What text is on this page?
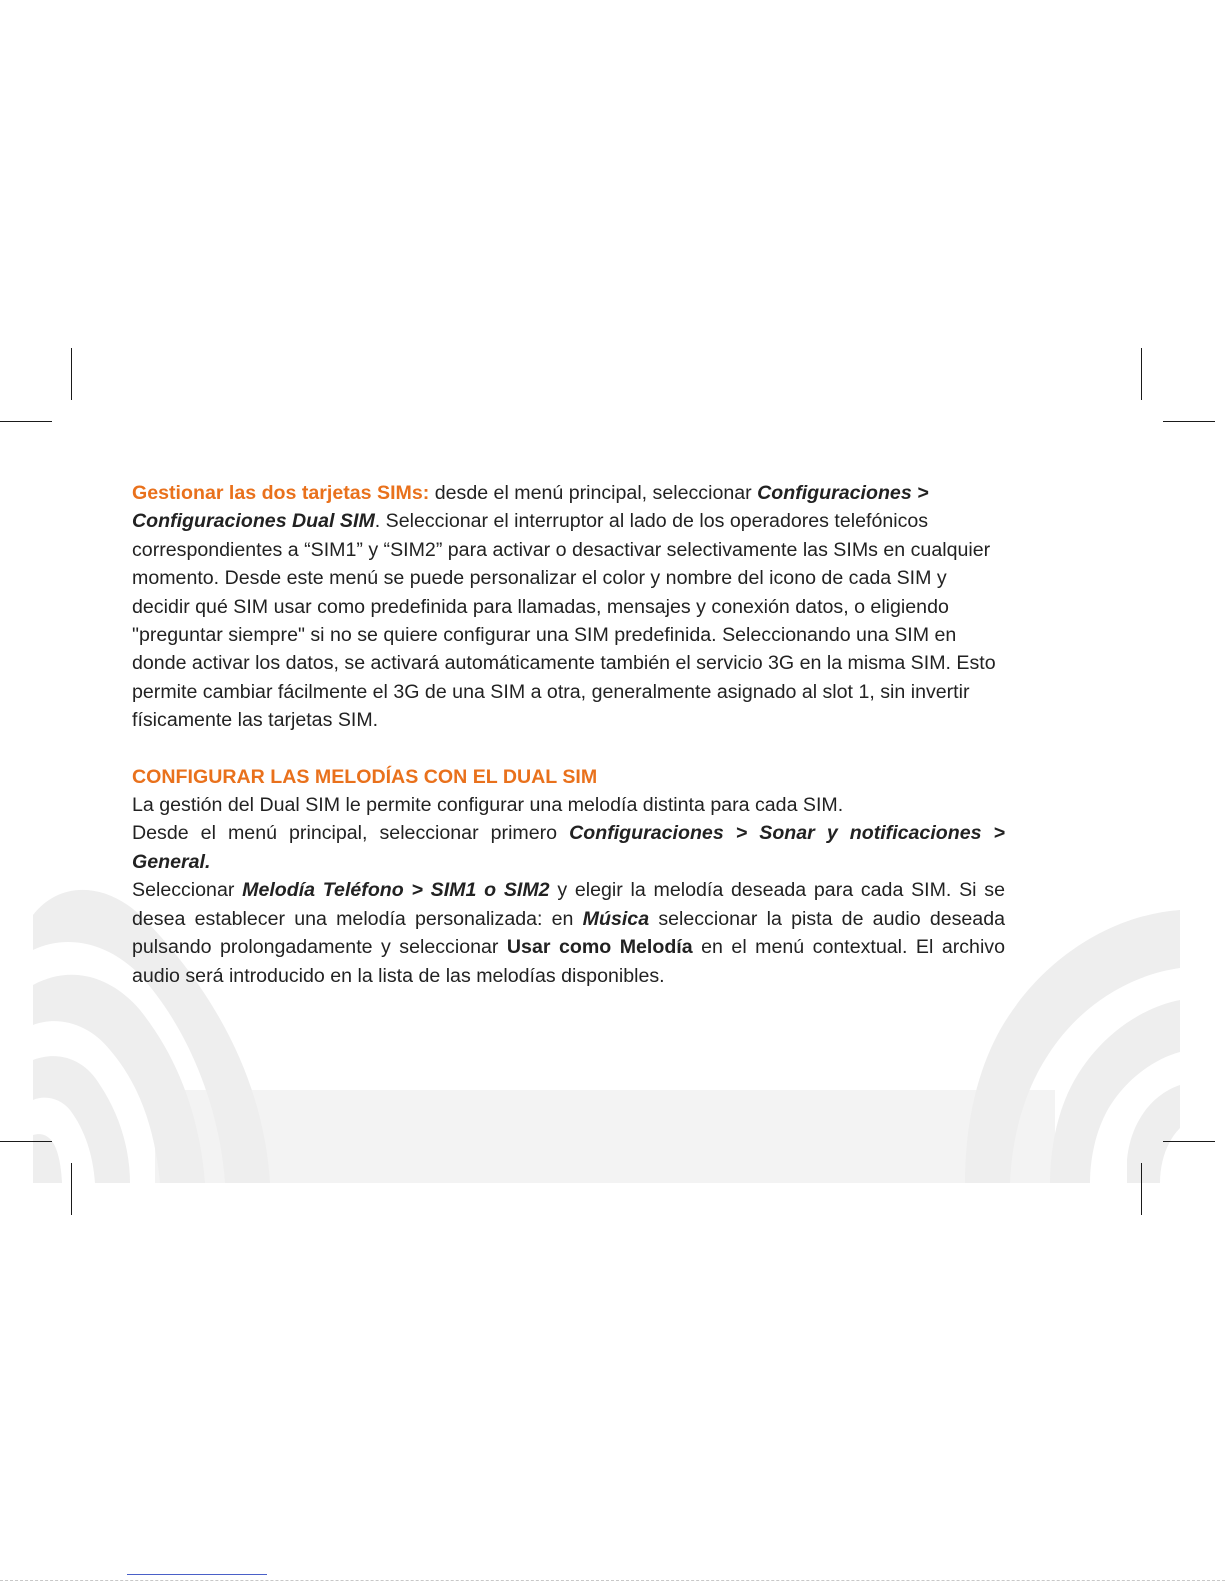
Gestionar las dos tarjetas SIMs: desde el menú principal, seleccionar Configuraciones > Configuraciones Dual SIM. Seleccionar el interruptor al lado de los operadores telefónicos correspondientes a “SIM1” y “SIM2” para activar o desactivar selectivamente las SIMs en cualquier momento. Desde este menú se puede personalizar el color y nombre del icono de cada SIM y decidir qué SIM usar como predefinida para llamadas, mensajes y conexión datos, o eligiendo "preguntar siempre" si no se quiere configurar una SIM predefinida. Seleccionando una SIM en donde activar los datos, se activará automáticamente también el servicio 3G en la misma SIM. Esto permite cambiar fácilmente el 3G de una SIM a otra, generalmente asignado al slot 1, sin invertir físicamente las tarjetas SIM.

CONFIGURAR LAS MELODÍAS CON EL DUAL SIM

La gestión del Dual SIM le permite configurar una melodía distinta para cada SIM.

Desde el menú principal, seleccionar primero Configuraciones > Sonar y notificaciones > General.

Seleccionar Melodía Teléfono > SIM1 o SIM2 y elegir la melodía deseada para cada SIM. Si se desea establecer una melodía personalizada: en Música seleccionar la pista de audio deseada pulsando prolongadamente y seleccionar Usar como Melodía en el menú contextual. El archivo audio será introducido en la lista de las melodías disponibles.
